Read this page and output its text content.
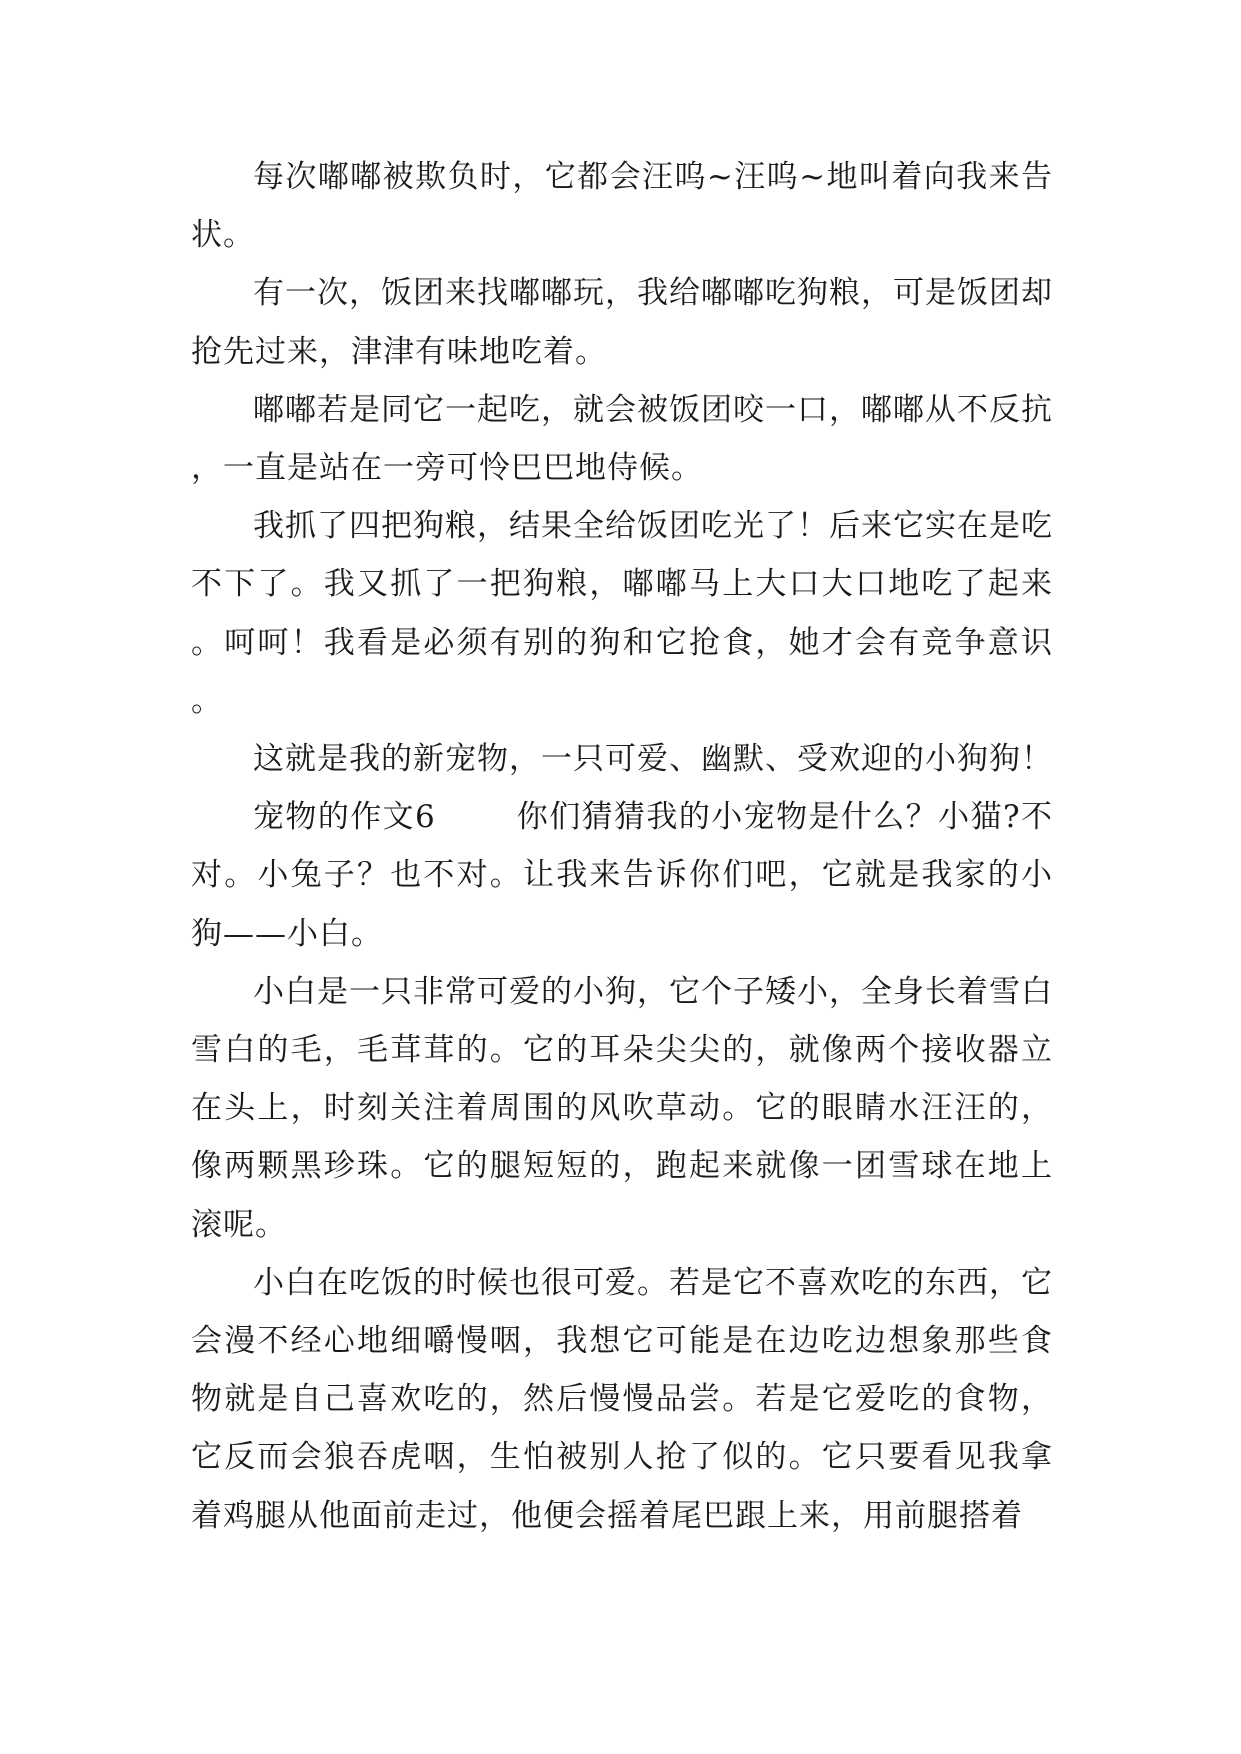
每次嘟嘟被欺负时，它都会汪呜~汪呜~地叫着向我来告状。

有一次，饭团来找嘟嘟玩，我给嘟嘟吃狗粮，可是饭团却抢先过来，津津有味地吃着。

嘟嘟若是同它一起吃，就会被饭团咬一口，嘟嘟从不反抗，一直是站在一旁可怜巴巴地侍候。

我抓了四把狗粮，结果全给饭团吃光了！后来它实在是吃不下了。我又抓了一把狗粮，嘟嘟马上大口大口地吃了起来。呵呵！我看是必须有别的狗和它抢食，她才会有竞争意识。

这就是我的新宠物，一只可爱、幽默、受欢迎的小狗狗！

宠物的作文6	你们猜猜我的小宠物是什么？小猫?不对。小兔子？也不对。让我来告诉你们吧，它就是我家的小狗——小白。

小白是一只非常可爱的小狗，它个子矮小，全身长着雪白雪白的毛，毛茸茸的。它的耳朵尖尖的，就像两个接收器立在头上，时刻关注着周围的风吹草动。它的眼睛水汪汪的，像两颗黑珍珠。它的腿短短的，跑起来就像一团雪球在地上滚呢。

小白在吃饭的时候也很可爱。若是它不喜欢吃的东西，它会漫不经心地细嚼慢咽，我想它可能是在边吃边想象那些食物就是自己喜欢吃的，然后慢慢品尝。若是它爱吃的食物，它反而会狼吞虎咽，生怕被别人抢了似的。它只要看见我拿着鸡腿从他面前走过，他便会摇着尾巴跟上来，用前腿搭着
